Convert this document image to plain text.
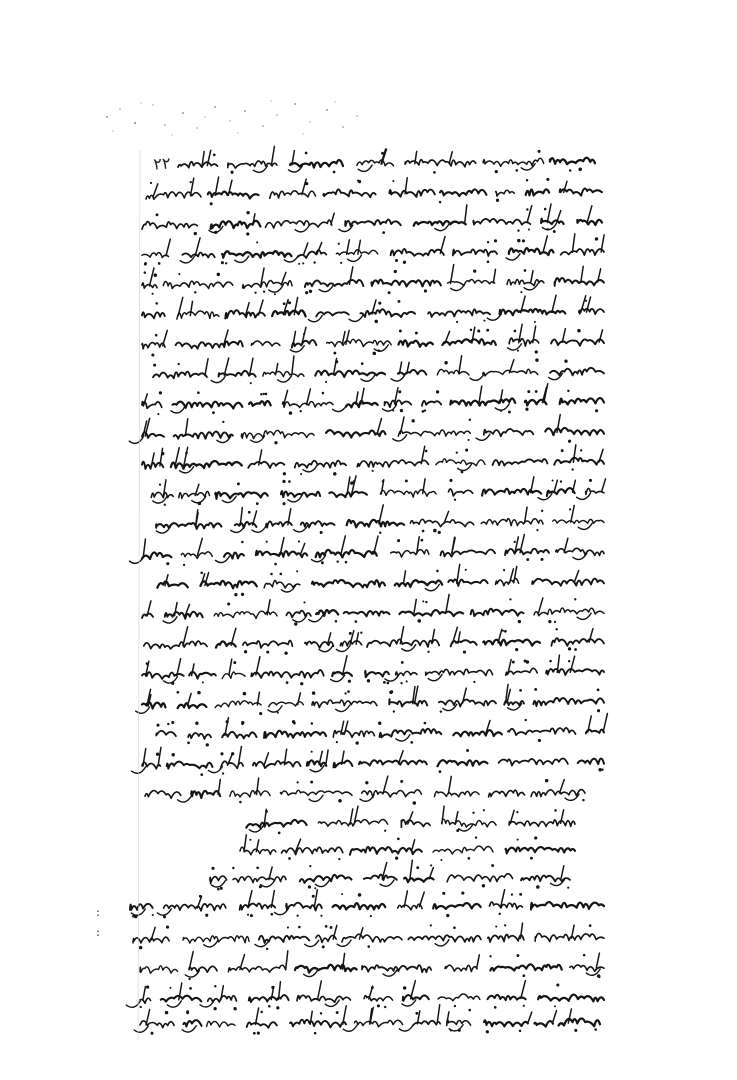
۲۲
:
:
